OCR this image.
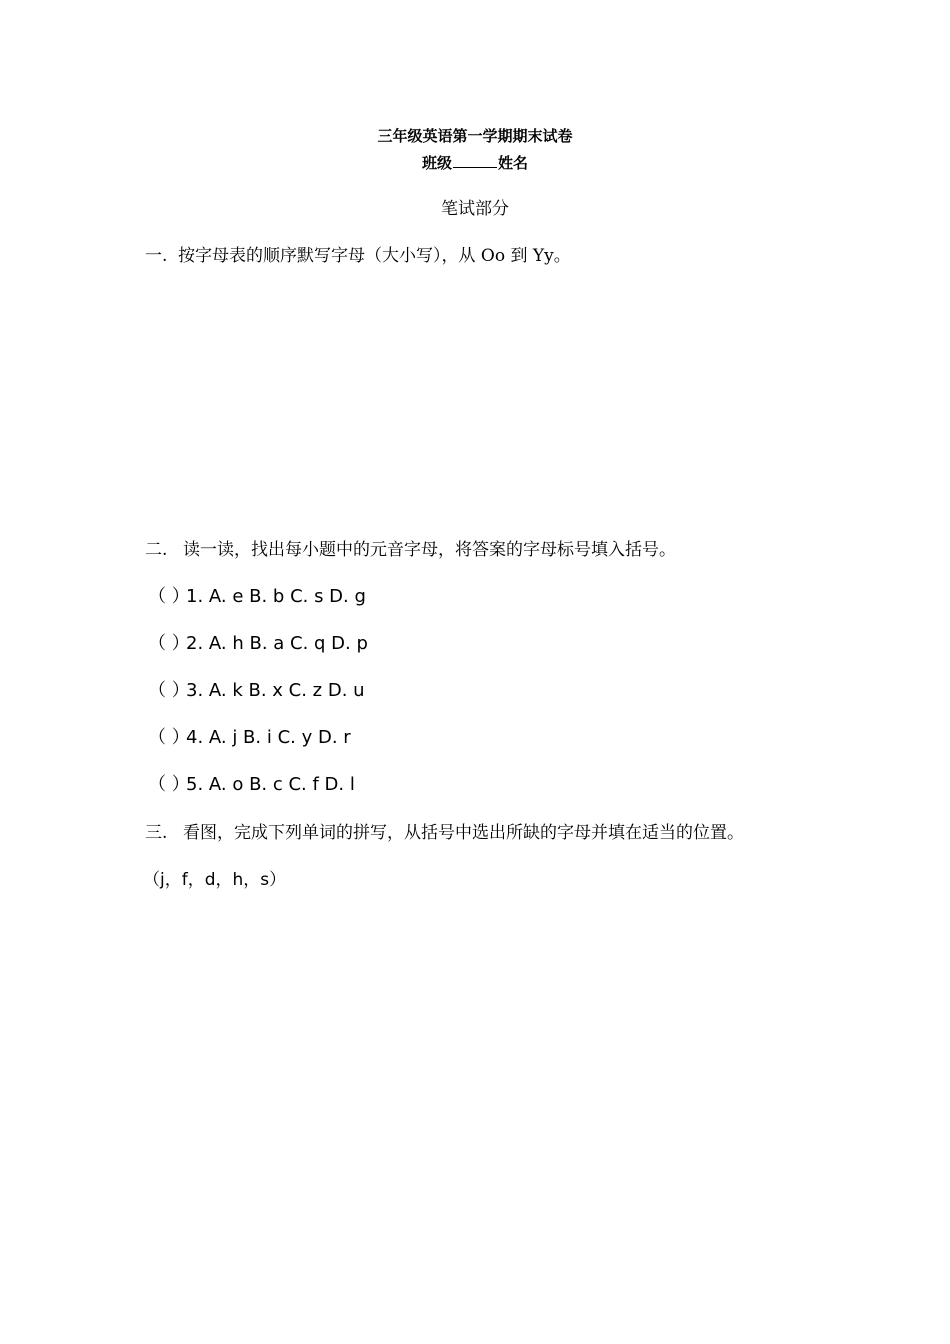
三年级英语第一学期期末试卷
班级	姓名
笔试部分
一. 按字母表的顺序默写字母（大小写），从 Oo 到 Yy。
二. 读一读，找出每小题中的元音字母，将答案的字母标号填入括号。
（ ）1. A. e B. b C. s D. g
（ ）2. A. h B. a C. q D. p
（ ）3. A. k B. x C. z D. u
（ ）4. A. j B. i C. y D. r
（ ）5. A. o B. c C. f D. l
三. 看图，完成下列单词的拼写，从括号中选出所缺的字母并填在适当的位置。
（j，f，d，h，s）
